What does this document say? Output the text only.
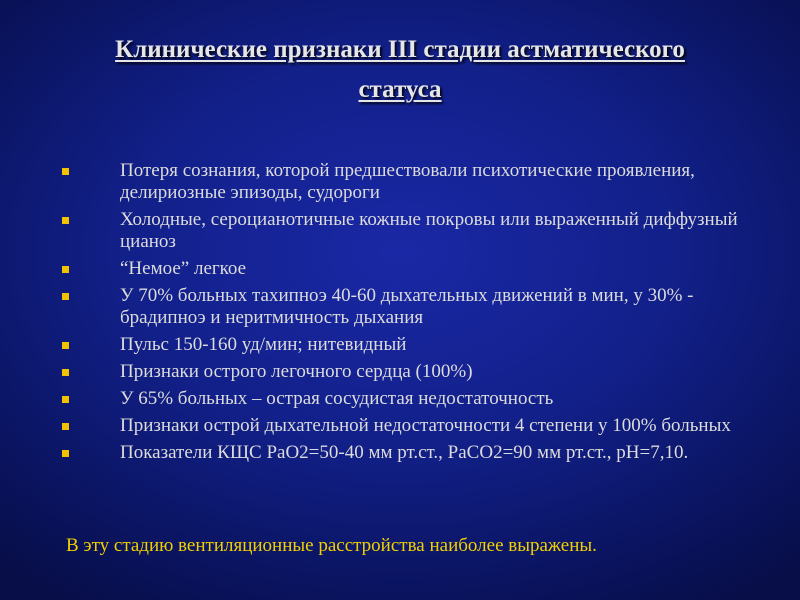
Клинические признаки III стадии астматического
статуса
Потеря сознания, которой предшествовали психотические проявления, делириозные эпизоды, судороги
Холодные, сероцианотичные кожные покровы или выраженный диффузный цианоз
“Немое” легкое
У 70% больных тахипноэ 40-60 дыхательных движений в мин, у 30% - брадипноэ и неритмичность дыхания
Пульс 150-160 уд/мин; нитевидный
Признаки острого легочного сердца (100%)
У 65% больных – острая сосудистая недостаточность
Признаки острой дыхательной недостаточности 4 степени у 100% больных
Показатели КЩС РаО2=50-40 мм рт.ст., РаСО2=90 мм рт.ст., рН=7,10.
В эту стадию вентиляционные расстройства наиболее выражены.
